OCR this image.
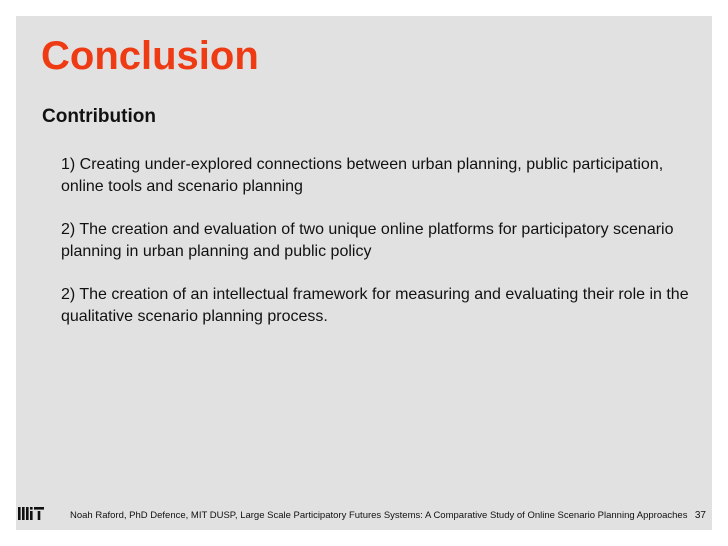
Conclusion
Contribution
1) Creating under-explored connections between urban planning, public participation, online tools and scenario planning
2) The creation and evaluation of two unique online platforms for participatory scenario planning in urban planning and public policy
2) The creation of an intellectual framework for measuring and evaluating their role in the qualitative scenario planning process.
Noah Raford, PhD Defence, MIT DUSP, Large Scale Participatory Futures Systems: A Comparative Study of Online Scenario Planning Approaches 37
